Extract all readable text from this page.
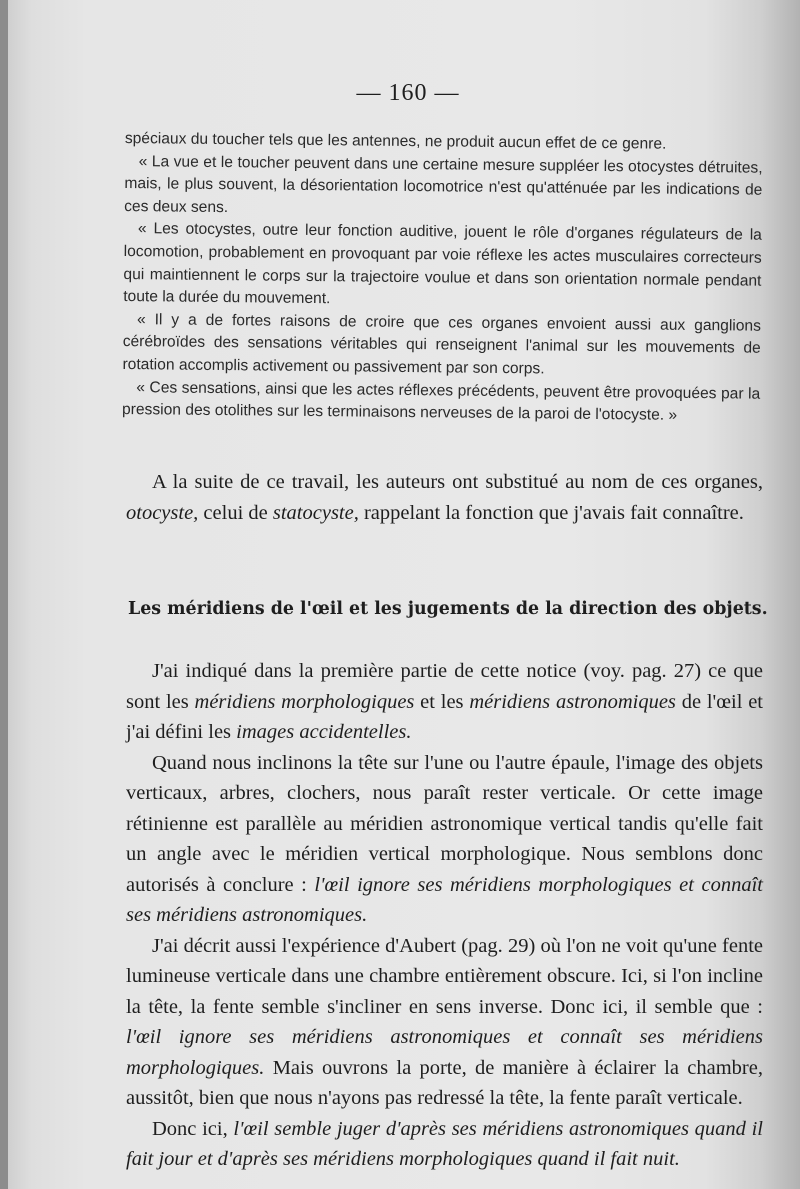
— 160 —

spéciaux du toucher tels que les antennes, ne produit aucun effet de ce genre.

« La vue et le toucher peuvent dans une certaine mesure suppléer les otocystes détruites, mais, le plus souvent, la désorientation locomotrice n'est qu'atténuée par les indications de ces deux sens.

« Les otocystes, outre leur fonction auditive, jouent le rôle d'organes régulateurs de la locomotion, probablement en provoquant par voie réflexe les actes musculaires correcteurs qui maintiennent le corps sur la trajectoire voulue et dans son orientation normale pendant toute la durée du mouvement.

« Il y a de fortes raisons de croire que ces organes envoient aussi aux ganglions cérébroïdes des sensations véritables qui renseignent l'animal sur les mouvements de rotation accomplis activement ou passivement par son corps.

« Ces sensations, ainsi que les actes réflexes précédents, peuvent être provoquées par la pression des otolithes sur les terminaisons nerveuses de la paroi de l'otocyste. »

A la suite de ce travail, les auteurs ont substitué au nom de ces organes, otocyste, celui de statocyste, rappelant la fonction que j'avais fait connaître.

Les méridiens de l'œil et les jugements de la direction des objets.

J'ai indiqué dans la première partie de cette notice (voy. pag. 27) ce que sont les méridiens morphologiques et les méridiens astronomiques de l'œil et j'ai défini les images accidentelles.

Quand nous inclinons la tête sur l'une ou l'autre épaule, l'image des objets verticaux, arbres, clochers, nous paraît rester verticale. Or cette image rétinienne est parallèle au méridien astronomique vertical tandis qu'elle fait un angle avec le méridien vertical morphologique. Nous semblons donc autorisés à conclure : l'œil ignore ses méridiens morphologiques et connaît ses méridiens astronomiques.

J'ai décrit aussi l'expérience d'Aubert (pag. 29) où l'on ne voit qu'une fente lumineuse verticale dans une chambre entièrement obscure. Ici, si l'on incline la tête, la fente semble s'incliner en sens inverse. Donc ici, il semble que : l'œil ignore ses méridiens astronomiques et connaît ses méridiens morphologiques. Mais ouvrons la porte, de manière à éclairer la chambre, aussitôt, bien que nous n'ayons pas redressé la tête, la fente paraît verticale.

Donc ici, l'œil semble juger d'après ses méridiens astronomiques quand il fait jour et d'après ses méridiens morphologiques quand il fait nuit.
